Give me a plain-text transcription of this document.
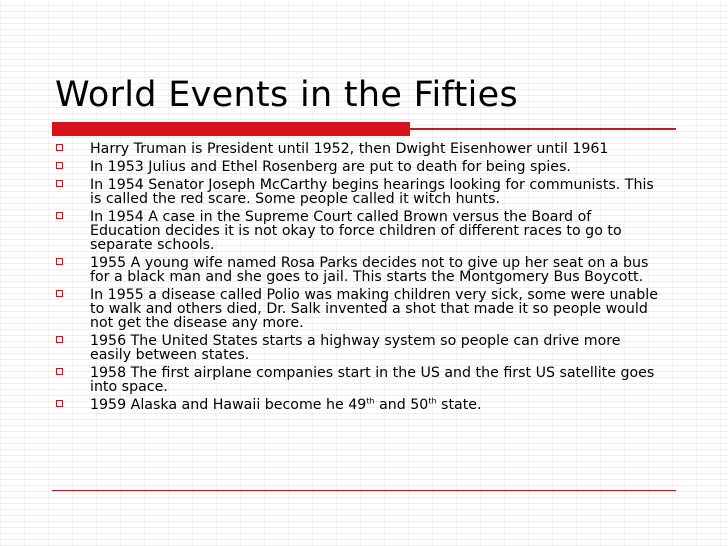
World Events in the Fifties
Harry Truman is President until 1952, then Dwight Eisenhower until 1961
In 1953 Julius and Ethel Rosenberg are put to death for being spies.
In 1954 Senator Joseph McCarthy begins hearings looking for communists. This is called the red scare. Some people called it witch hunts.
In 1954 A case in the Supreme Court called Brown versus the Board of Education decides it is not okay to force children of different races to go to separate schools.
1955 A young wife named Rosa Parks decides not to give up her seat on a bus for a black man and she goes to jail. This starts the Montgomery Bus Boycott.
In 1955 a disease called Polio was making children very sick, some were unable to walk and others died, Dr. Salk invented a shot that made it so people would not get the disease any more.
1956 The United States starts a highway system so people can drive more easily between states.
1958 The first airplane companies start in the US and the first US satellite goes into space.
1959 Alaska and Hawaii become he 49th and 50th state.
